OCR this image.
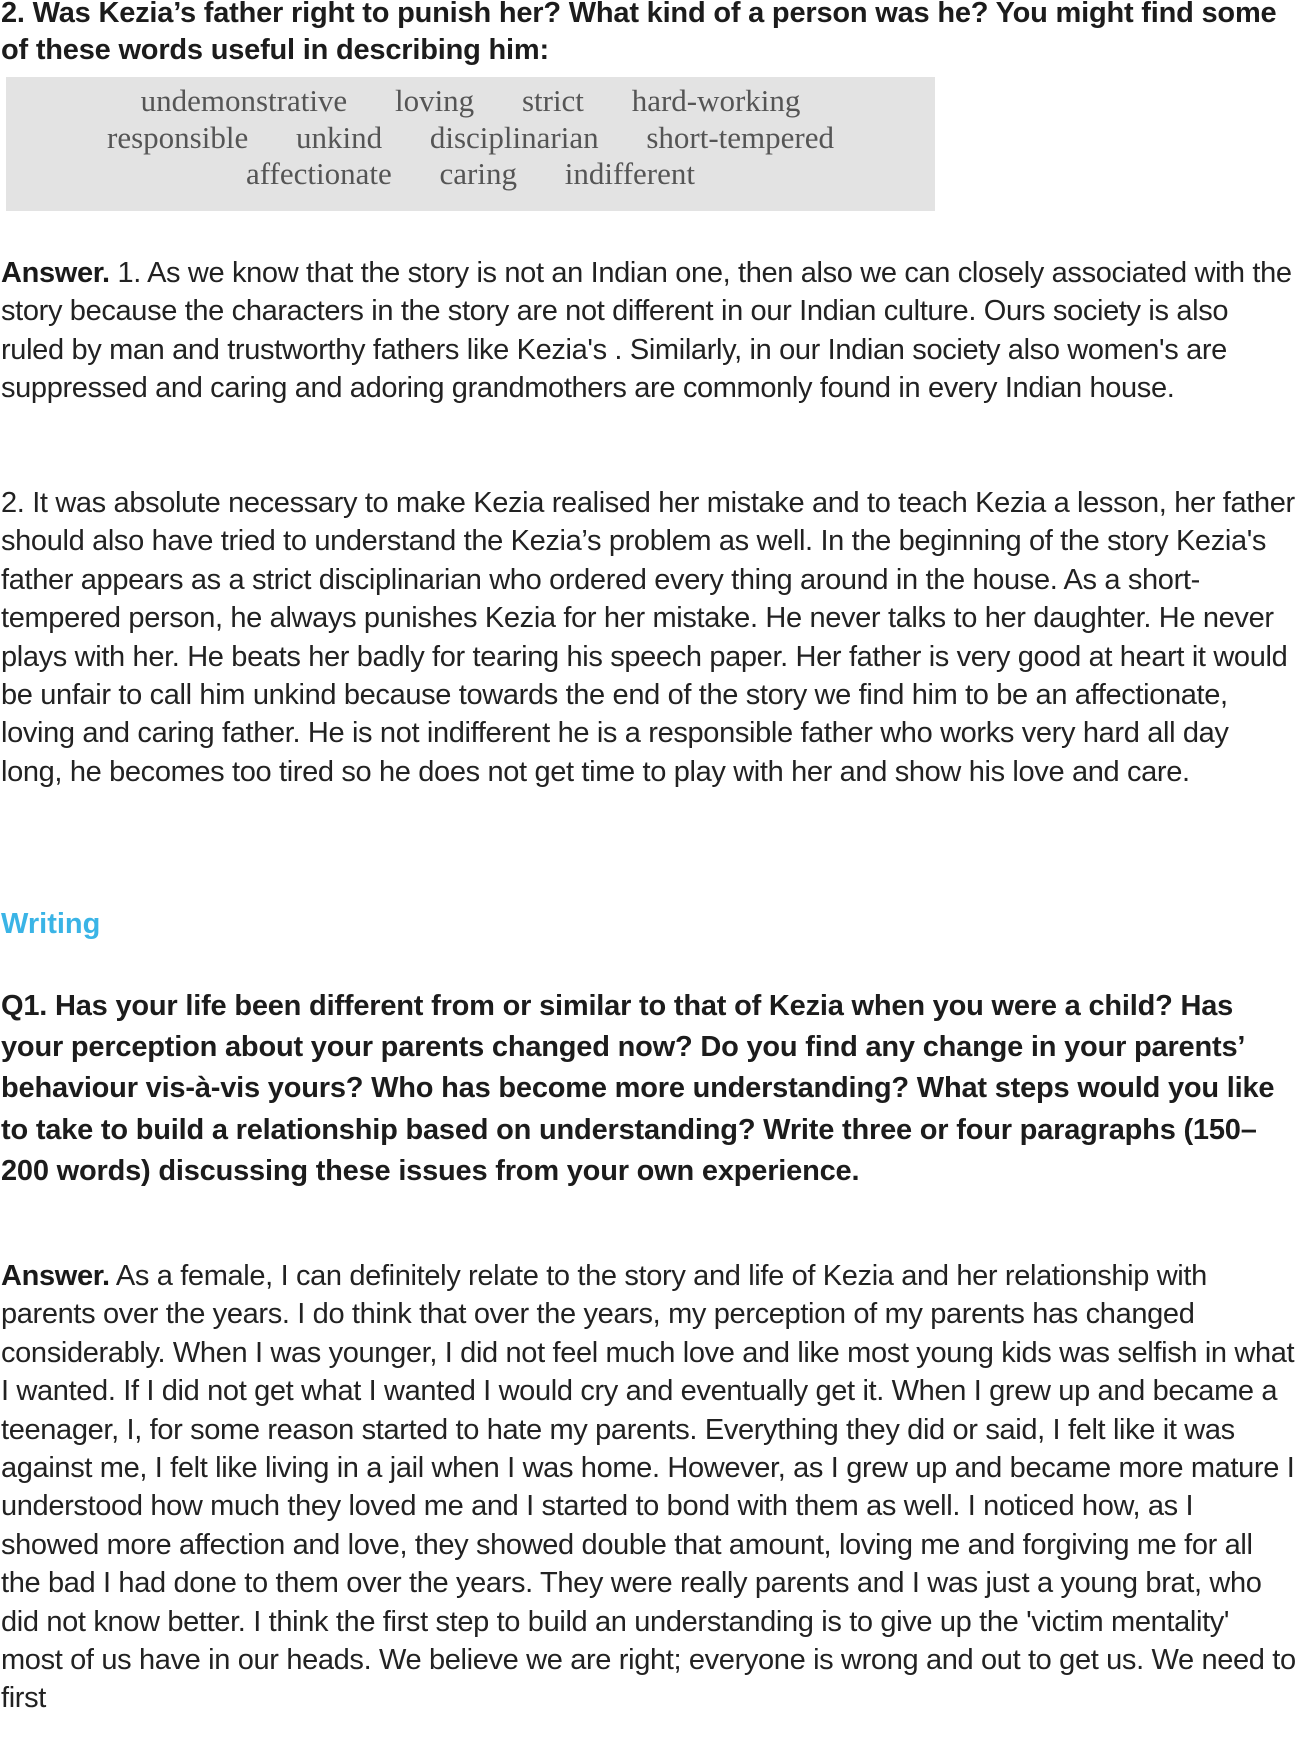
2. Was Kezia’s father right to punish her? What kind of a person was he? You might find some of these words useful in describing him:

undemonstrative loving strict hard-working
responsible unkind disciplinarian short-tempered
affectionate caring indifferent

Answer. 1. As we know that the story is not an Indian one, then also we can closely associated with the story because the characters in the story are not different in our Indian culture. Ours society is also ruled by man and trustworthy fathers like Kezia's . Similarly, in our Indian society also women's are suppressed and caring and adoring grandmothers are commonly found in every Indian house.

2. It was absolute necessary to make Kezia realised her mistake and to teach Kezia a lesson, her father should also have tried to understand the Kezia’s problem as well. In the beginning of the story Kezia's father appears as a strict disciplinarian who ordered every thing around in the house. As a short-tempered person, he always punishes Kezia for her mistake. He never talks to her daughter. He never plays with her. He beats her badly for tearing his speech paper. Her father is very good at heart it would be unfair to call him unkind because towards the end of the story we find him to be an affectionate, loving and caring father. He is not indifferent he is a responsible father who works very hard all day long, he becomes too tired so he does not get time to play with her and show his love and care.

Writing

Q1. Has your life been different from or similar to that of Kezia when you were a child? Has your perception about your parents changed now? Do you find any change in your parents’ behaviour vis-à-vis yours? Who has become more understanding? What steps would you like to take to build a relationship based on understanding? Write three or four paragraphs (150–200 words) discussing these issues from your own experience.

Answer. As a female, I can definitely relate to the story and life of Kezia and her relationship with parents over the years. I do think that over the years, my perception of my parents has changed considerably. When I was younger, I did not feel much love and like most young kids was selfish in what I wanted. If I did not get what I wanted I would cry and eventually get it. When I grew up and became a teenager, I, for some reason started to hate my parents. Everything they did or said, I felt like it was against me, I felt like living in a jail when I was home. However, as I grew up and became more mature I understood how much they loved me and I started to bond with them as well. I noticed how, as I showed more affection and love, they showed double that amount, loving me and forgiving me for all the bad I had done to them over the years. They were really parents and I was just a young brat, who did not know better. I think the first step to build an understanding is to give up the 'victim mentality' most of us have in our heads. We believe we are right; everyone is wrong and out to get us. We need to first
